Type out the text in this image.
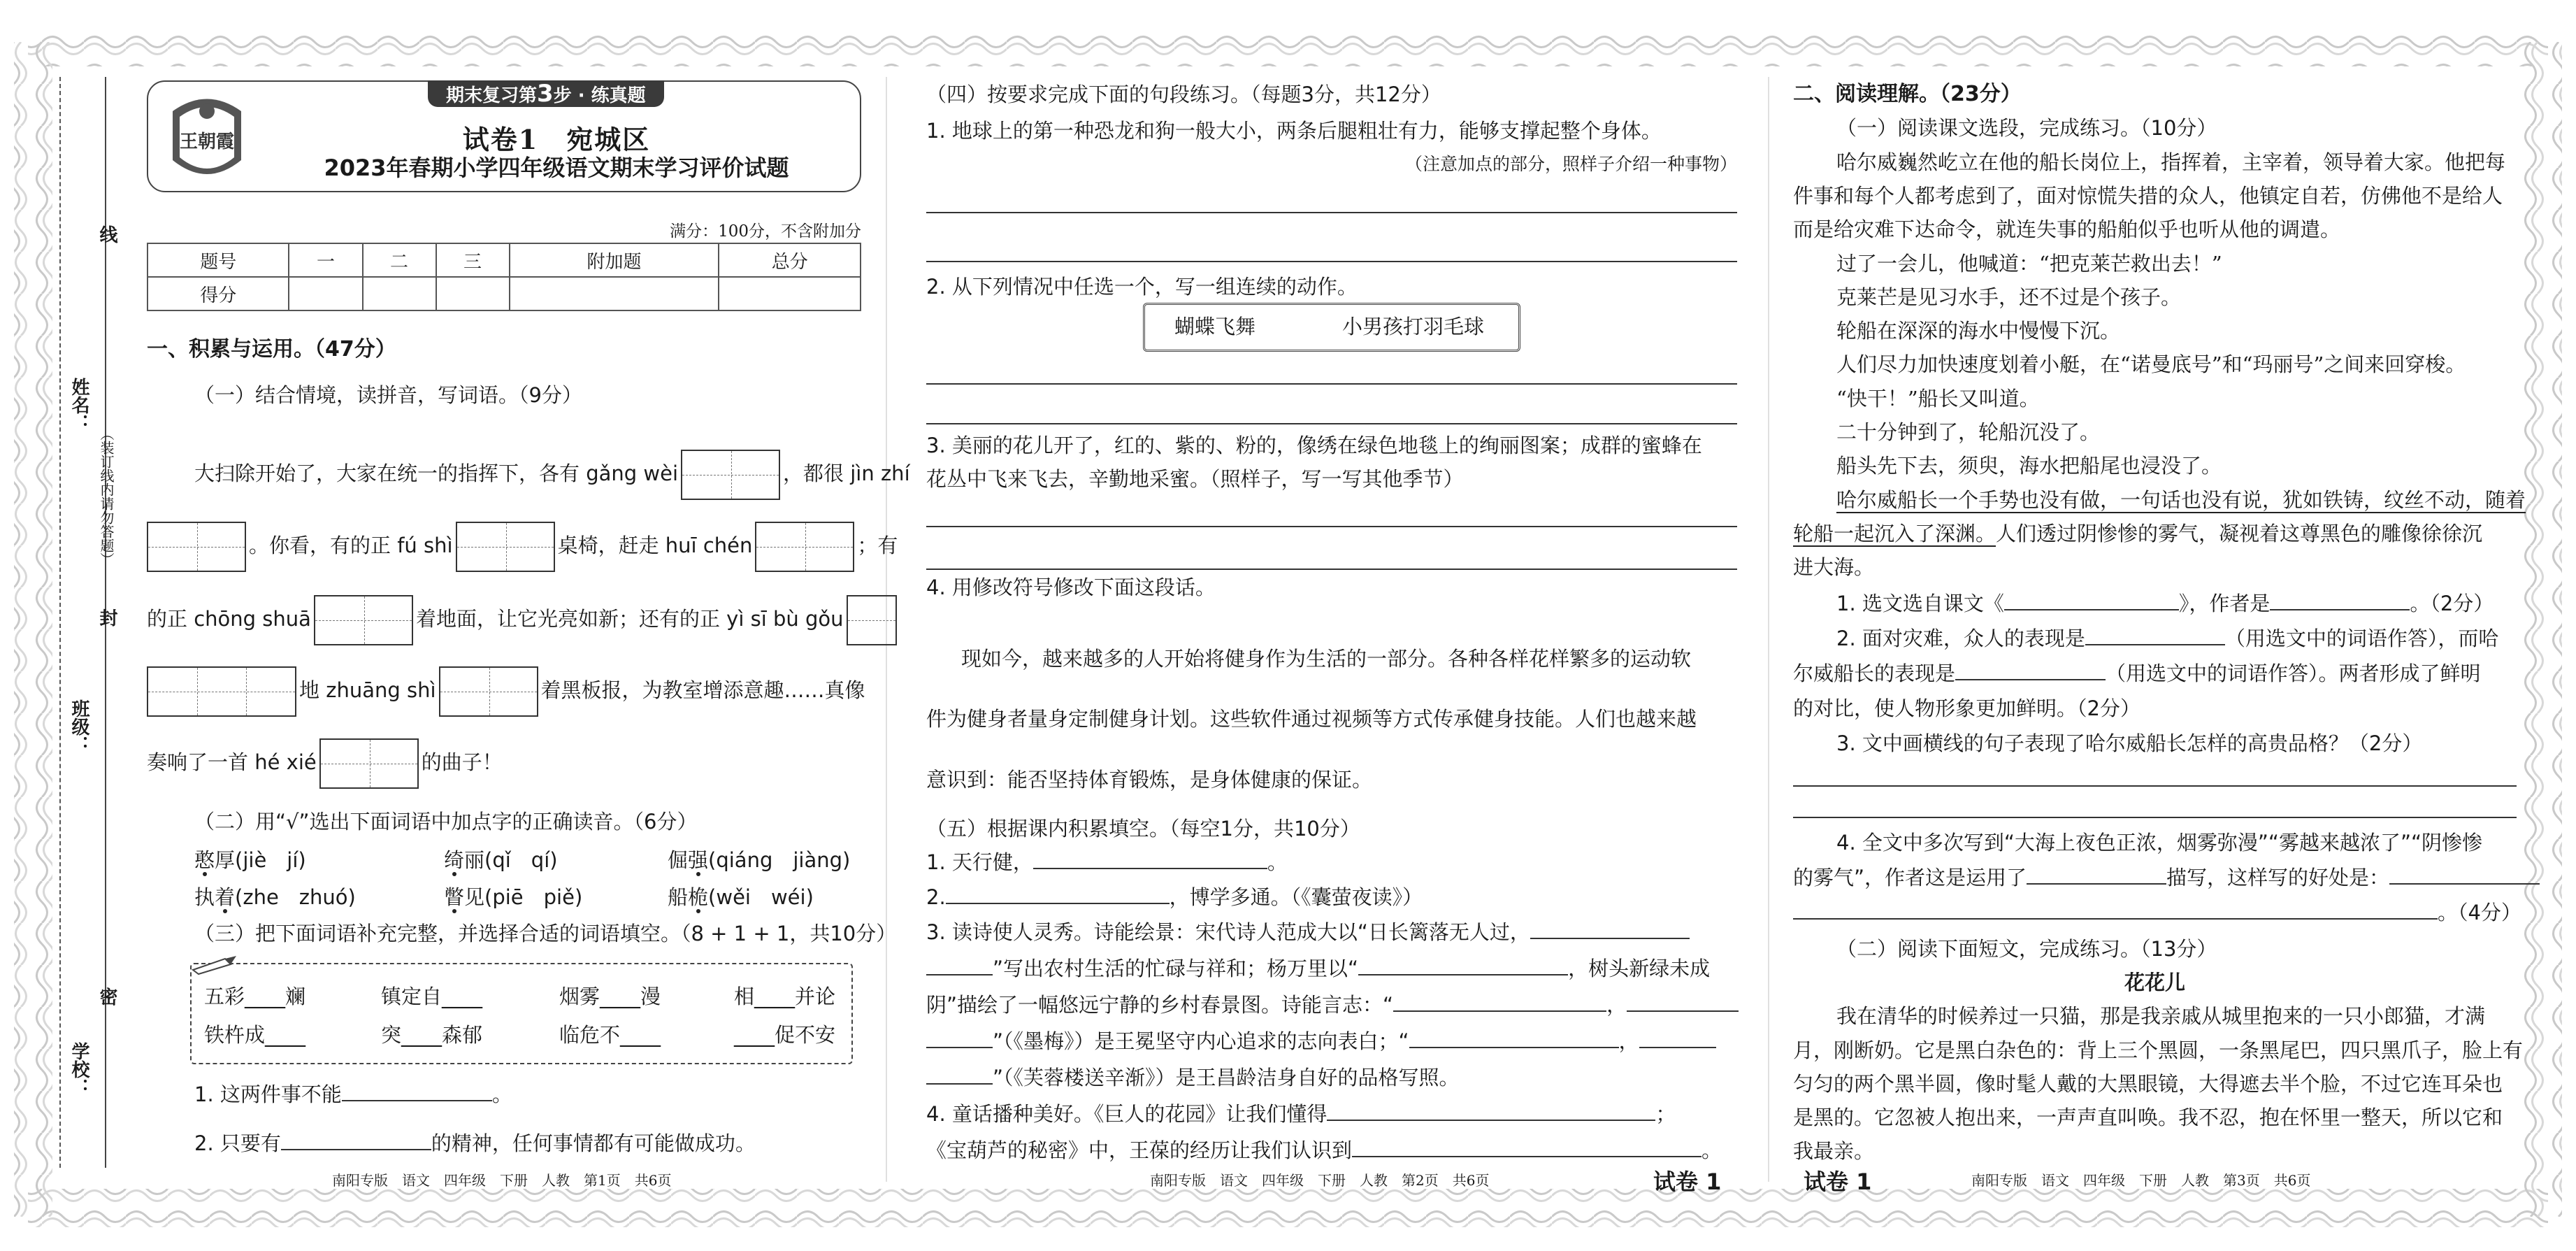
线
姓名：
（装订线内请勿答题）
封
班级：
密
学校：
期末复习第3步 · 练真题
王朝霞	试卷1　宛城区
2023年春期小学四年级语文期末学习评价试题
满分：100分，不含附加分
题号	一	二	三	附加题	总分
得分					
一、积累与运用。（47分）
（一）结合情境，读拼音，写词语。（9分）
大扫除开始了，大家在统一的指挥下，各有 gǎng wèi	，都很 jìn zhí
。你看，有的正 fú shì	桌椅，赶走 huī chén	；有
的正 chōng shuā	着地面，让它光亮如新；还有的正 yì sī bù gǒu
地 zhuāng shì	着黑板报，为教室增添意趣……真像
奏响了一首 hé xié	的曲子！
（二）用“√”选出下面词语中加点字的正确读音。（6分）
憨厚(jiè　jí)	绮丽(qǐ　qí)	倔强(qiáng　jiàng)
执着(zhe　zhuó)	瞥见(piē　piě)	船桅(wěi　wéi)
（三）把下面词语补充完整，并选择合适的词语填空。（8 + 1 + 1，共10分）
五彩____斓	镇定自____	烟雾____漫	相____并论
铁杵成____	突____森郁	临危不____	____促不安
1. 这两件事不能	。
2. 只要有	的精神，任何事情都有可能做成功。
（四）按要求完成下面的句段练习。（每题3分，共12分）
1. 地球上的第一种恐龙和狗一般大小，两条后腿粗壮有力，能够支撑起整个身体。
（注意加点的部分，照样子介绍一种事物）
2. 从下列情况中任选一个，写一组连续的动作。
蝴蝶飞舞	小男孩打羽毛球
3. 美丽的花儿开了，红的、紫的、粉的，像绣在绿色地毯上的绚丽图案；成群的蜜蜂在
花丛中飞来飞去，辛勤地采蜜。（照样子，写一写其他季节）
4. 用修改符号修改下面这段话。
现如今，越来越多的人开始将健身作为生活的一部分。各种各样花样繁多的运动软
件为健身者量身定制健身计划。这些软件通过视频等方式传承健身技能。人们也越来越
意识到：能否坚持体育锻炼，是身体健康的保证。
（五）根据课内积累填空。（每空1分，共10分）
1. 天行健，	。
2.	，博学多通。（《囊萤夜读》）
3. 读诗使人灵秀。诗能绘景：宋代诗人范成大以“日长篱落无人过，
”写出农村生活的忙碌与祥和；杨万里以“	，树头新绿未成
阴”描绘了一幅悠远宁静的乡村春景图。诗能言志：“	，
”（《墨梅》）是王冕坚守内心追求的志向表白；“	，
”（《芙蓉楼送辛渐》）是王昌龄洁身自好的品格写照。
4. 童话播种美好。《巨人的花园》让我们懂得	；
《宝葫芦的秘密》中，王葆的经历让我们认识到	。
二、阅读理解。（23分）
（一）阅读课文选段，完成练习。（10分）
哈尔威巍然屹立在他的船长岗位上，指挥着，主宰着，领导着大家。他把每
件事和每个人都考虑到了，面对惊慌失措的众人，他镇定自若，仿佛他不是给人
而是给灾难下达命令，就连失事的船舶似乎也听从他的调遣。
过了一会儿，他喊道：“把克莱芒救出去！”
克莱芒是见习水手，还不过是个孩子。
轮船在深深的海水中慢慢下沉。
人们尽力加快速度划着小艇，在“诺曼底号”和“玛丽号”之间来回穿梭。
“快干！”船长又叫道。
二十分钟到了，轮船沉没了。
船头先下去，须臾，海水把船尾也浸没了。
哈尔威船长一个手势也没有做，一句话也没有说，犹如铁铸，纹丝不动，随着
轮船一起沉入了深渊。人们透过阴惨惨的雾气，凝视着这尊黑色的雕像徐徐沉
进大海。
1. 选文选自课文《	》，作者是	。（2分）
2. 面对灾难，众人的表现是	（用选文中的词语作答），而哈
尔威船长的表现是	（用选文中的词语作答）。两者形成了鲜明
的对比，使人物形象更加鲜明。（2分）
3. 文中画横线的句子表现了哈尔威船长怎样的高贵品格？（2分）
4. 全文中多次写到“大海上夜色正浓，烟雾弥漫”“雾越来越浓了”“阴惨惨
的雾气”，作者这是运用了	描写，这样写的好处是：
。（4分）
（二）阅读下面短文，完成练习。（13分）
花花儿
我在清华的时候养过一只猫，那是我亲戚从城里抱来的一只小郎猫，才满
月，刚断奶。它是黑白杂色的：背上三个黑圆，一条黑尾巴，四只黑爪子，脸上有
匀匀的两个黑半圆，像时髦人戴的大黑眼镜，大得遮去半个脸，不过它连耳朵也
是黑的。它忽被人抱出来，一声声直叫唤。我不忍，抱在怀里一整天，所以它和
我最亲。
南阳专版　语文　四年级　下册　人教　第1页　共6页	南阳专版　语文　四年级　下册　人教　第2页　共6页	试卷 1	试卷 1	南阳专版　语文　四年级　下册　人教　第3页　共6页
